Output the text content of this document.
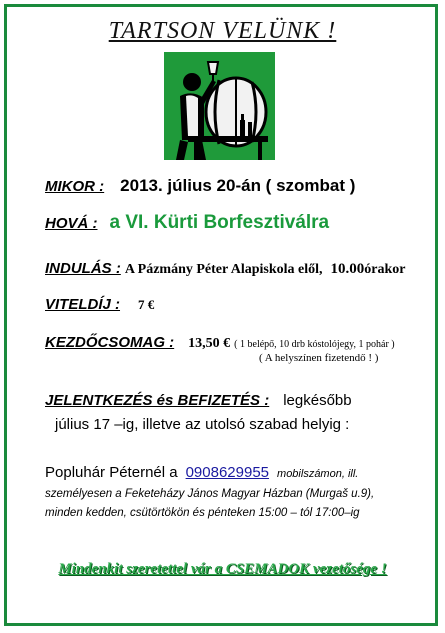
TARTSON VELÜNK !
MIKOR : 2013. július 20-án ( szombat )
HOVÁ : a VI. Kürti Borfesztiválra
INDULÁS : A Pázmány Péter Alapiskola elől, 10.00órakor
VITELDÍJ : 7 €
KEZDŐCSOMAG : 13,50 € ( 1 belépő, 10 drb kóstolójegy, 1 pohár )
( A helyszínen fizetendő ! )
JELENTKEZÉS és BEFIZETÉS : legkésőbb
július 17 –ig, illetve az utolsó szabad helyig :
Popluhár Péternél a 0908629955 mobilszámon, ill.
személyesen a Feketeházy János Magyar Házban (Murgaš u.9),
minden kedden, csütörtökön és pénteken 15:00 – tól 17:00–ig
Mindenkit szeretettel vár a CSEMADOK vezetősége !
